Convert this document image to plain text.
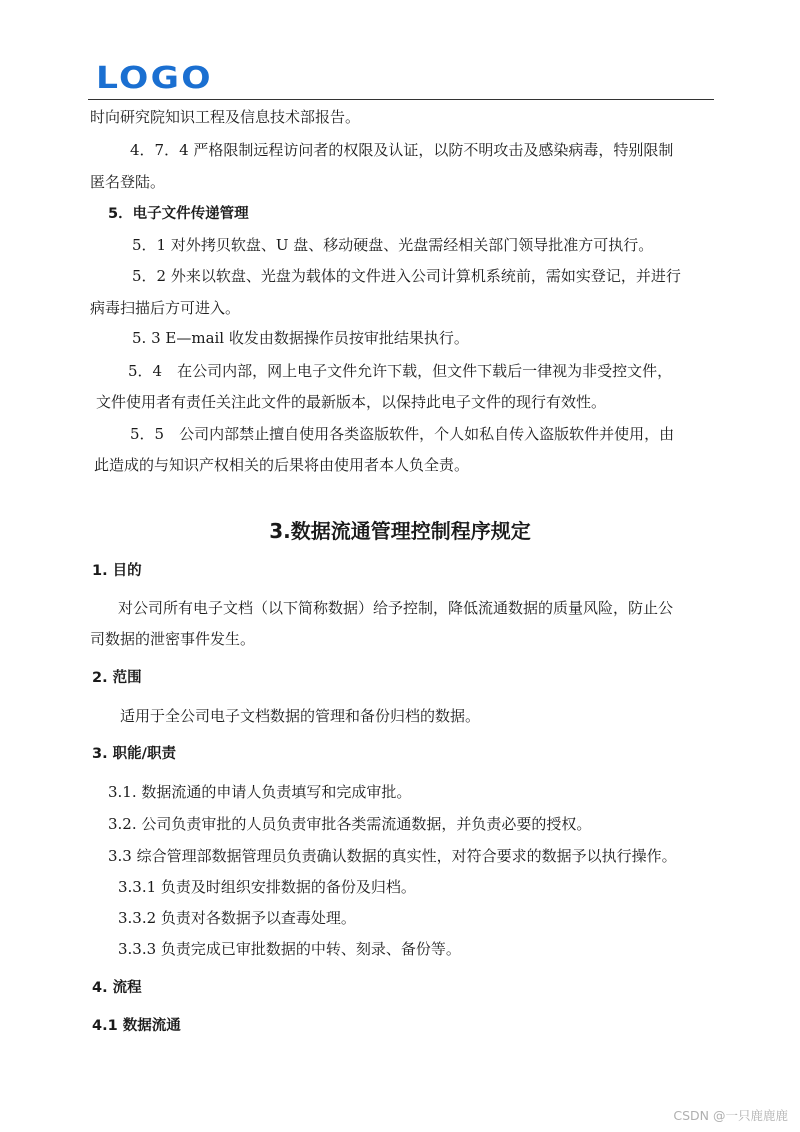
LOGO
时向研究院知识工程及信息技术部报告。
4．7．4 严格限制远程访问者的权限及认证，以防不明攻击及感染病毒，特别限制
匿名登陆。
5．电子文件传递管理
5．1 对外拷贝软盘、U 盘、移动硬盘、光盘需经相关部门领导批准方可执行。
5．2 外来以软盘、光盘为载体的文件进入公司计算机系统前，需如实登记，并进行
病毒扫描后方可进入。
5. 3 E—mail 收发由数据操作员按审批结果执行。
5．4　在公司内部，网上电子文件允许下载，但文件下载后一律视为非受控文件，
文件使用者有责任关注此文件的最新版本，以保持此电子文件的现行有效性。
5．5　公司内部禁止擅自使用各类盗版软件，个人如私自传入盗版软件并使用，由
此造成的与知识产权相关的后果将由使用者本人负全责。
3.数据流通管理控制程序规定
1. 目的
对公司所有电子文档（以下简称数据）给予控制，降低流通数据的质量风险，防止公
司数据的泄密事件发生。
2. 范围
适用于全公司电子文档数据的管理和备份归档的数据。
3. 职能/职责
3.1. 数据流通的申请人负责填写和完成审批。
3.2. 公司负责审批的人员负责审批各类需流通数据，并负责必要的授权。
3.3 综合管理部数据管理员负责确认数据的真实性，对符合要求的数据予以执行操作。
3.3.1 负责及时组织安排数据的备份及归档。
3.3.2 负责对各数据予以查毒处理。
3.3.3 负责完成已审批数据的中转、刻录、备份等。
4. 流程
4.1 数据流通
CSDN @一只鹿鹿鹿
